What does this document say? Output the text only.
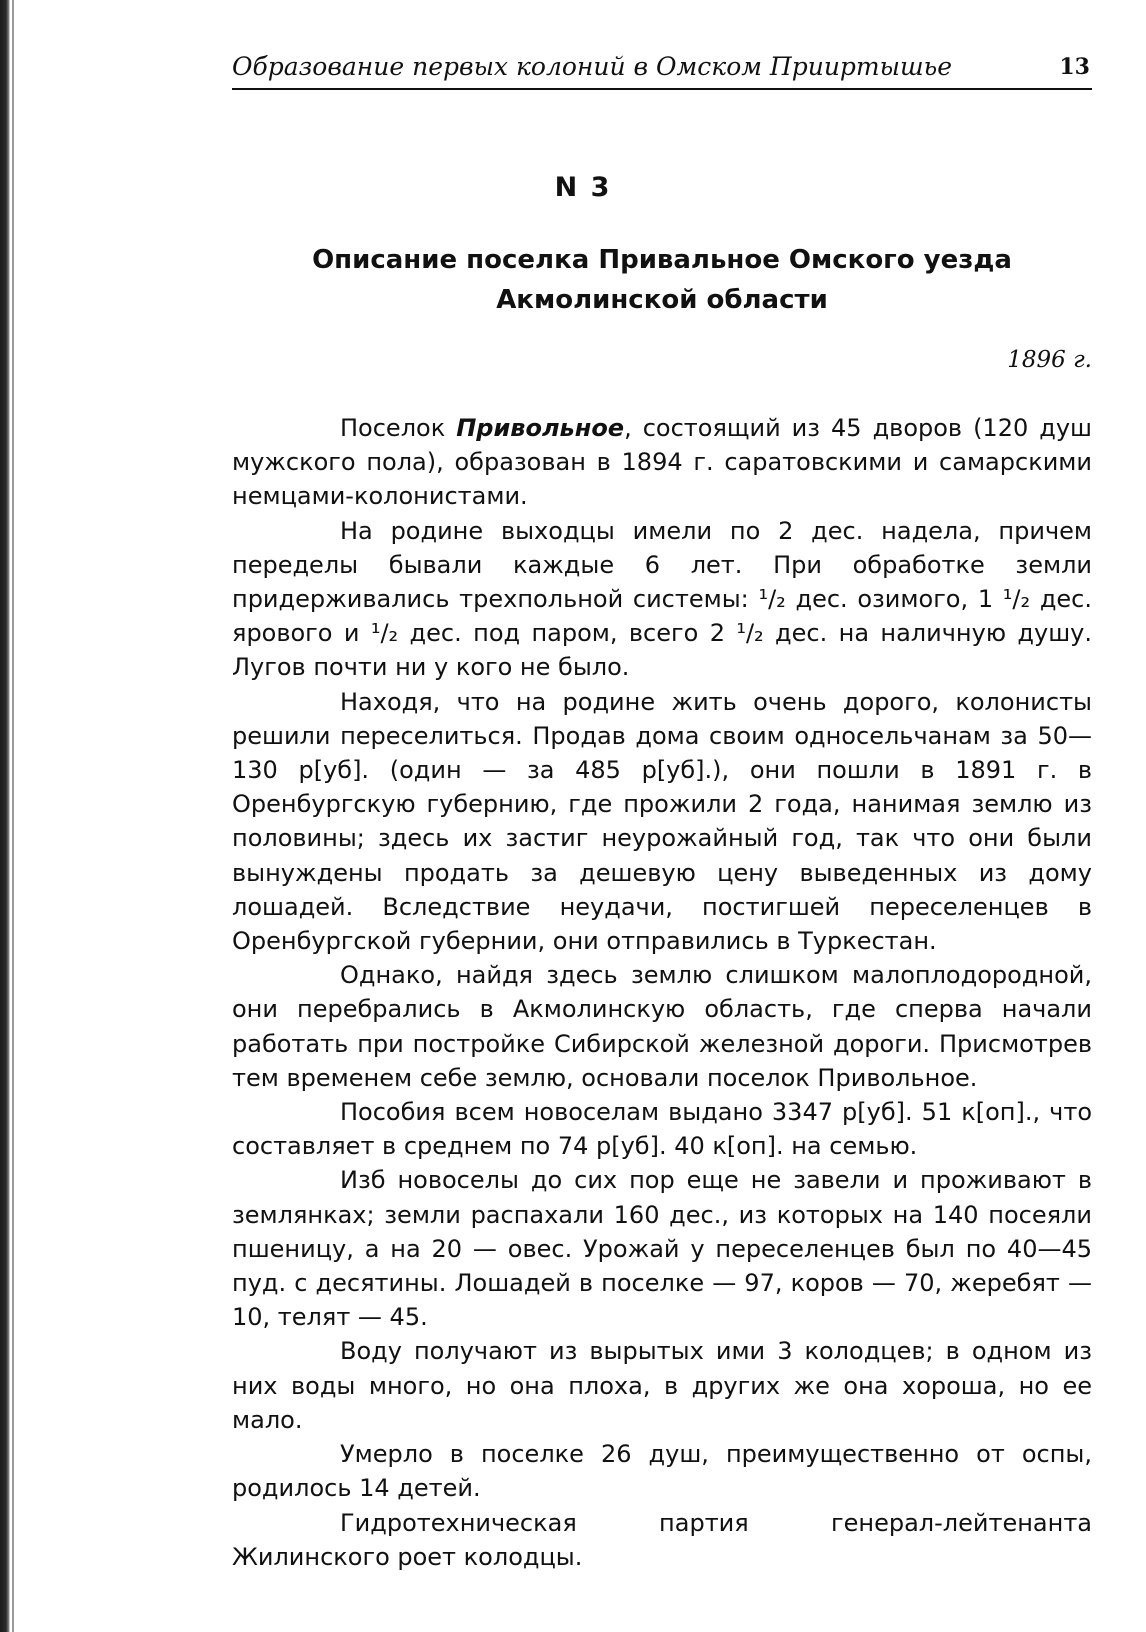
Образование первых колоний в Омском Прииртышье	13
N 3
Описание поселка Привальное Омского уезда
Акмолинской области
1896 г.

Поселок Привольное, состоящий из 45 дворов (120 душ мужского пола), образован в 1894 г. саратовскими и самарскими немцами-колонистами.

На родине выходцы имели по 2 дес. надела, причем переделы бывали каждые 6 лет. При обработке земли придерживались трехпольной системы: ¹/₂ дес. озимого, 1 ¹/₂ дес. ярового и ¹/₂ дес. под паром, всего 2 ¹/₂ дес. на наличную душу. Лугов почти ни у кого не было.

Находя, что на родине жить очень дорого, колонисты решили переселиться. Продав дома своим односельчанам за 50—130 р[уб]. (один — за 485 р[уб].), они пошли в 1891 г. в Оренбургскую губернию, где прожили 2 года, нанимая землю из половины; здесь их застиг неурожайный год, так что они были вынуждены продать за дешевую цену выведенных из дому лошадей. Вследствие неудачи, постигшей переселенцев в Оренбургской губернии, они отправились в Туркестан.

Однако, найдя здесь землю слишком малоплодородной, они перебрались в Акмолинскую область, где сперва начали работать при постройке Сибирской железной дороги. Присмотрев тем временем себе землю, основали поселок Привольное.

Пособия всем новоселам выдано 3347 р[уб]. 51 к[оп]., что составляет в среднем по 74 р[уб]. 40 к[оп]. на семью.

Изб новоселы до сих пор еще не завели и проживают в землянках; земли распахали 160 дес., из которых на 140 посеяли пшеницу, а на 20 — овес. Урожай у переселенцев был по 40—45 пуд. с десятины. Лошадей в поселке — 97, коров — 70, жеребят — 10, телят — 45.

Воду получают из вырытых ими 3 колодцев; в одном из них воды много, но она плоха, в других же она хороша, но ее мало.

Умерло в поселке 26 душ, преимущественно от оспы, родилось 14 детей.

Гидротехническая партия генерал-лейтенанта Жилинского роет колодцы.
